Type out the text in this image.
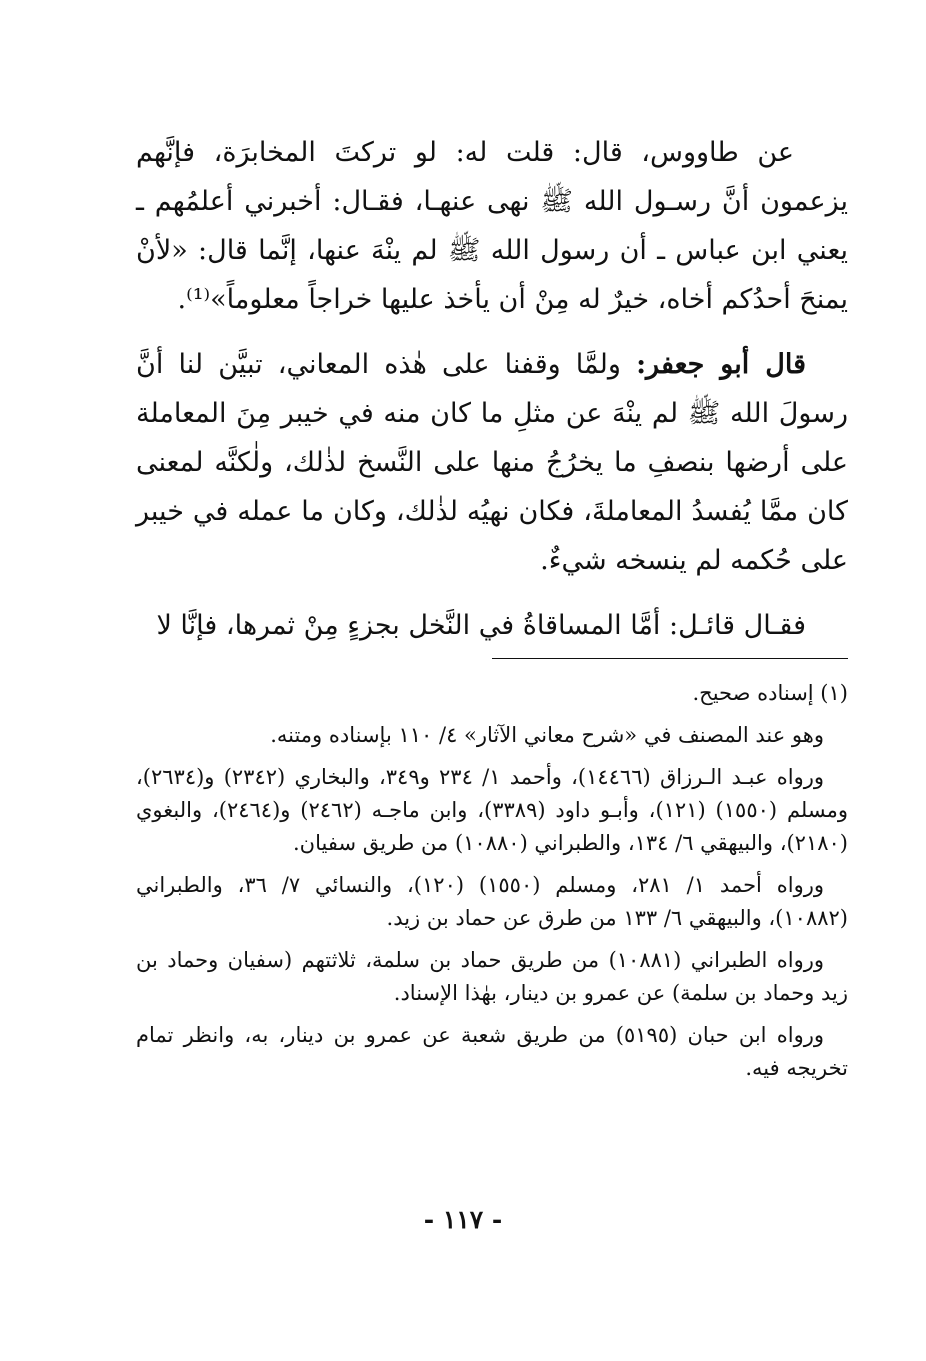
عن طاووس، قال: قلت له: لو تركتَ المخابرَة، فإنَّهم يزعمون أنَّ رسـول الله ﷺ نهى عنهـا، فقـال: أخبرني أعلمُهم ـ يعني ابن عباس ـ أن رسول الله ﷺ لم ينْهَ عنها، إنَّما قال: «لأنْ يمنحَ أحدُكم أخاه، خيرٌ له مِنْ أن يأخذ عليها خراجاً معلوماً»⁽¹⁾.

قال أبو جعفر: ولمَّا وقفنا على هٰذه المعاني، تبيَّن لنا أنَّ رسولَ الله ﷺ لم ينْهَ عن مثلِ ما كان منه في خيبر مِنَ المعاملة على أرضها بنصفِ ما يخرُجُ منها على النَّسخ لذٰلك، ولٰكنَّه لمعنى كان ممَّا يُفسدُ المعاملةَ، فكان نهيُه لذٰلك، وكان ما عمله في خيبر على حُكمه لم ينسخه شيءٌ.

فقـال قائـل: أمَّا المساقاةُ في النَّخل بجزءٍ مِنْ ثمرها، فإنَّا لا

(١) إسناده صحيح.

وهو عند المصنف في «شرح معاني الآثار» ٤/ ١١٠ بإسناده ومتنه.

ورواه عبـد الـرزاق (١٤٤٦٦)، وأحمد ١/ ٢٣٤ و٣٤٩، والبخاري (٢٣٤٢) و(٢٦٣٤)، ومسلم (١٥٥٠) (١٢١)، وأبـو داود (٣٣٨٩)، وابن ماجـه (٢٤٦٢) و(٢٤٦٤)، والبغوي (٢١٨٠)، والبيهقي ٦/ ١٣٤، والطبراني (١٠٨٨٠) من طريق سفيان.

ورواه أحمد ١/ ٢٨١، ومسلم (١٥٥٠) (١٢٠)، والنسائي ٧/ ٣٦، والطبراني (١٠٨٨٢)، والبيهقي ٦/ ١٣٣ من طرق عن حماد بن زيد.

ورواه الطبراني (١٠٨٨١) من طريق حماد بن سلمة، ثلاثتهم (سفيان وحماد بن زيد وحماد بن سلمة) عن عمرو بن دينار، بهٰذا الإسناد.

ورواه ابن حبان (٥١٩٥) من طريق شعبة عن عمرو بن دينار، به، وانظر تمام تخريجه فيه.

- ١١٧ -
